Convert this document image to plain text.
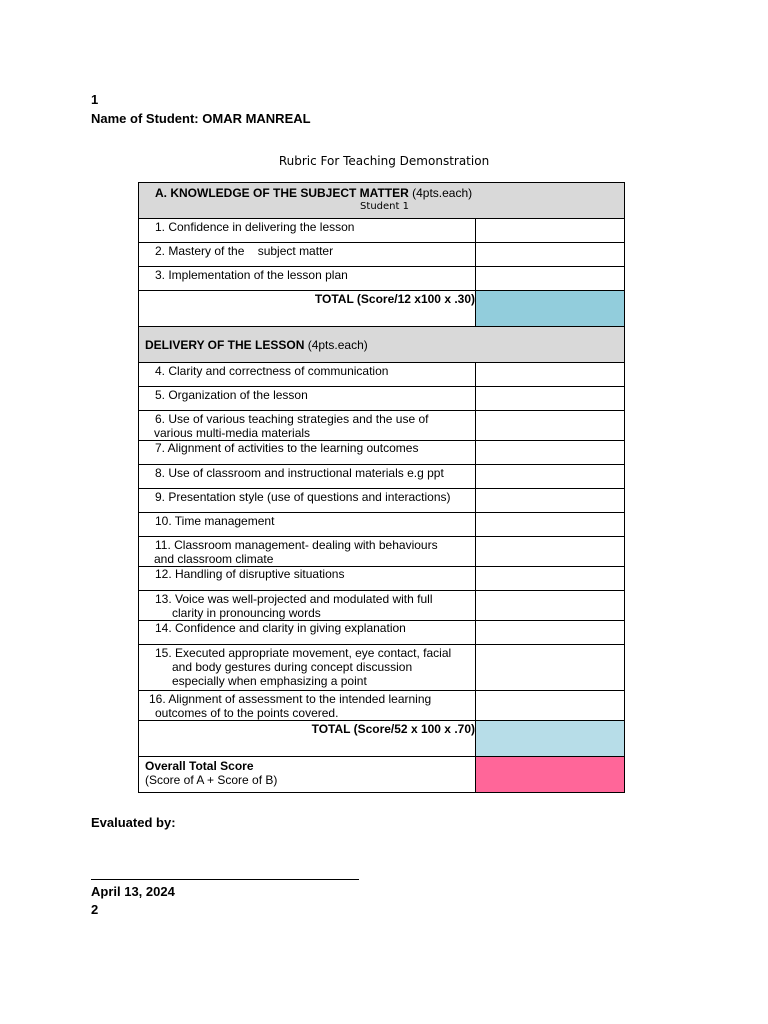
1
Name of Student: OMAR MANREAL
Rubric For Teaching Demonstration
A. KNOWLEDGE OF THE SUBJECT MATTER (4pts.each)
Student 1	

1. Confidence in delivering the lesson	
2. Mastery of the    subject matter	
3. Implementation of the lesson plan	
TOTAL (Score/12 x100 x .30)	
DELIVERY OF THE LESSON (4pts.each)	
4. Clarity and correctness of communication	
5. Organization of the lesson	

6. Use of various teaching strategies and the use of
various multi-media materials	

7. Alignment of activities to the learning outcomes	
8. Use of classroom and instructional materials e.g ppt	
9. Presentation style (use of questions and interactions)	
10. Time management	

11. Classroom management- dealing with behaviours
and classroom climate	

12. Handling of disruptive situations	

13. Voice was well-projected and modulated with full
clarity in pronouncing words	

14. Confidence and clarity in giving explanation	

15. Executed appropriate movement, eye contact, facial
and body gestures during concept discussion
especially when emphasizing a point	

16. Alignment of assessment to the intended learning
outcomes of to the points covered.	

TOTAL (Score/52 x 100 x .70)	

Overall Total Score
(Score of A + Score of B)	

Evaluated by:
April 13, 2024
2
